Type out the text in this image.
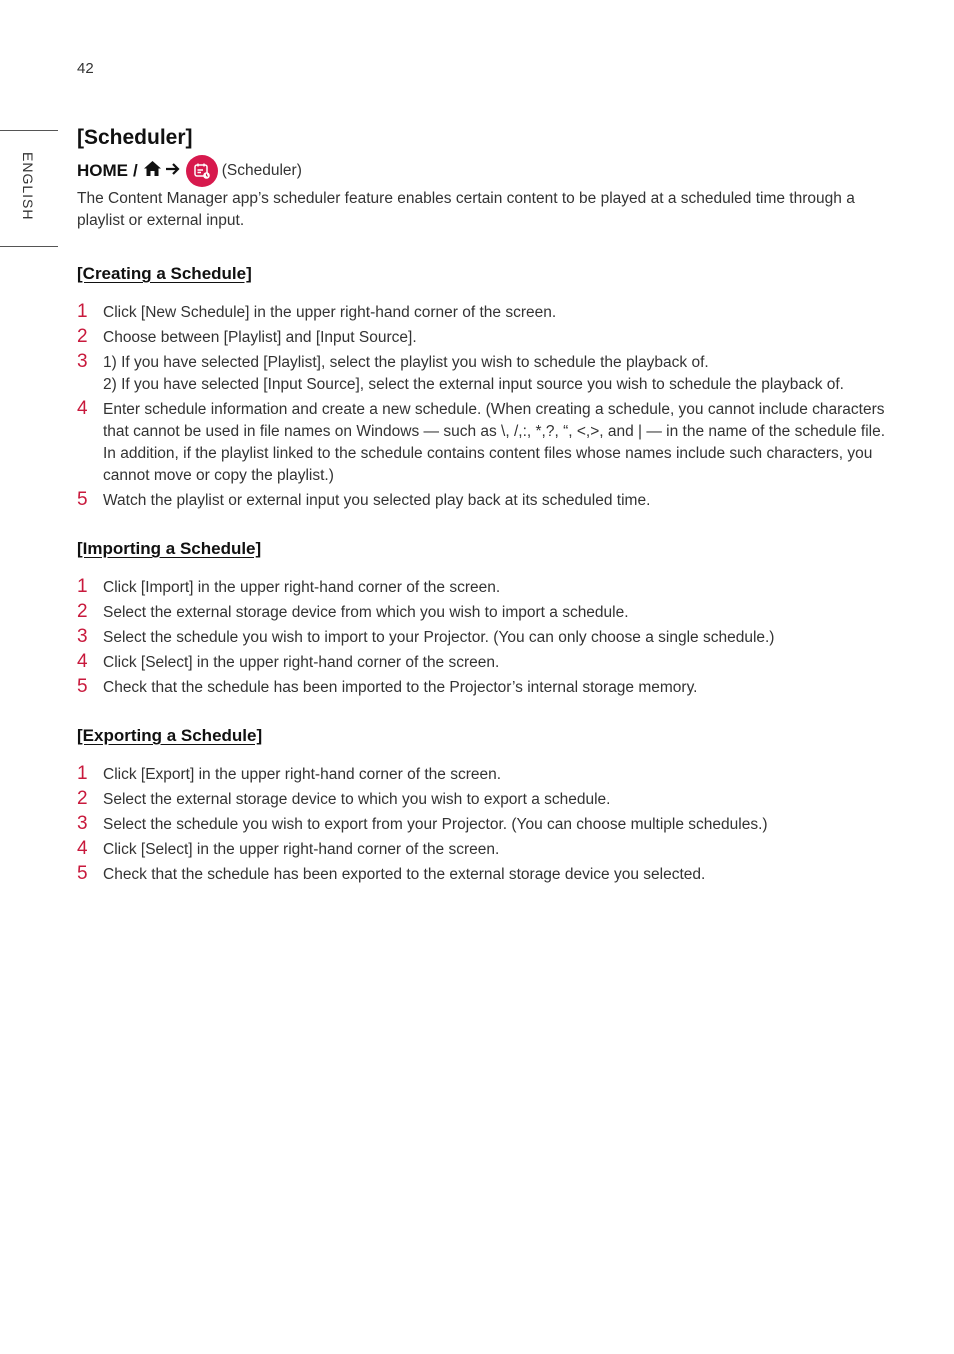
42
ENGLISH
[Scheduler]
HOME /	(Scheduler)

The Content Manager app’s scheduler feature enables certain content to be played at a scheduled time through a playlist or external input.

[Creating a Schedule]
1 Click [New Schedule] in the upper right-hand corner of the screen.
2 Choose between [Playlist] and [Input Source].
3 1) If you have selected [Playlist], select the playlist you wish to schedule the playback of.
2) If you have selected [Input Source], select the external input source you wish to schedule the playback of.
4 Enter schedule information and create a new schedule. (When creating a schedule, you cannot include characters that cannot be used in file names on Windows — such as \, /,:, *,?, “, <,>, and | — in the name of the schedule file. In addition, if the playlist linked to the schedule contains content files whose names include such characters, you cannot move or copy the playlist.)
5 Watch the playlist or external input you selected play back at its scheduled time.
[Importing a Schedule]
1 Click [Import] in the upper right-hand corner of the screen.
2 Select the external storage device from which you wish to import a schedule.
3 Select the schedule you wish to import to your Projector. (You can only choose a single schedule.)
4 Click [Select] in the upper right-hand corner of the screen.
5 Check that the schedule has been imported to the Projector’s internal storage memory.
[Exporting a Schedule]
1 Click [Export] in the upper right-hand corner of the screen.
2 Select the external storage device to which you wish to export a schedule.
3 Select the schedule you wish to export from your Projector. (You can choose multiple schedules.)
4 Click [Select] in the upper right-hand corner of the screen.
5 Check that the schedule has been exported to the external storage device you selected.
